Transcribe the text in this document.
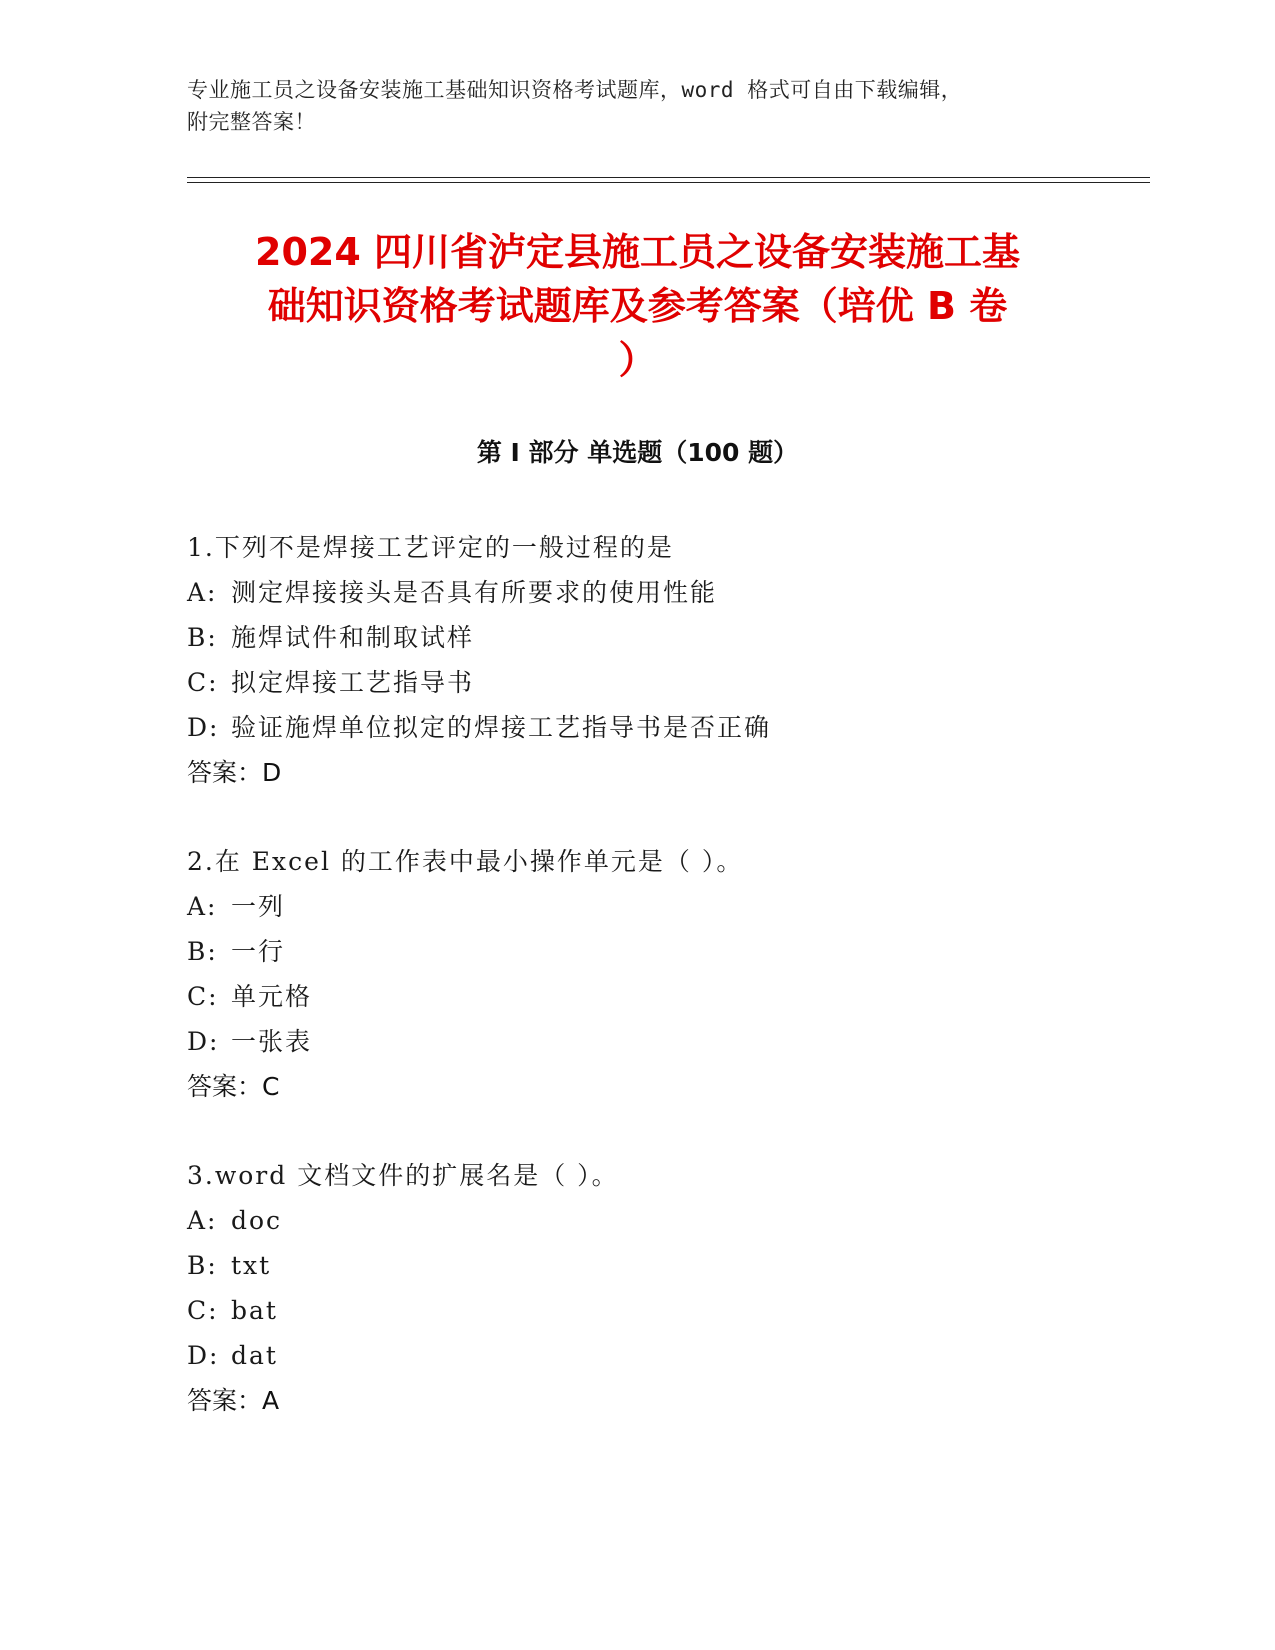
专业施工员之设备安装施工基础知识资格考试题库，word 格式可自由下载编辑，
附完整答案！
2024 四川省泸定县施工员之设备安装施工基
础知识资格考试题库及参考答案（培优 B 卷
）
第 I 部分 单选题（100 题）
1.下列不是焊接工艺评定的一般过程的是
A: 测定焊接接头是否具有所要求的使用性能
B: 施焊试件和制取试样
C: 拟定焊接工艺指导书
D: 验证施焊单位拟定的焊接工艺指导书是否正确
答案：D
2.在 Excel 的工作表中最小操作单元是（ ）。
A: 一列
B: 一行
C: 单元格
D: 一张表
答案：C
3.word 文档文件的扩展名是（ ）。
A: doc
B: txt
C: bat
D: dat
答案：A
